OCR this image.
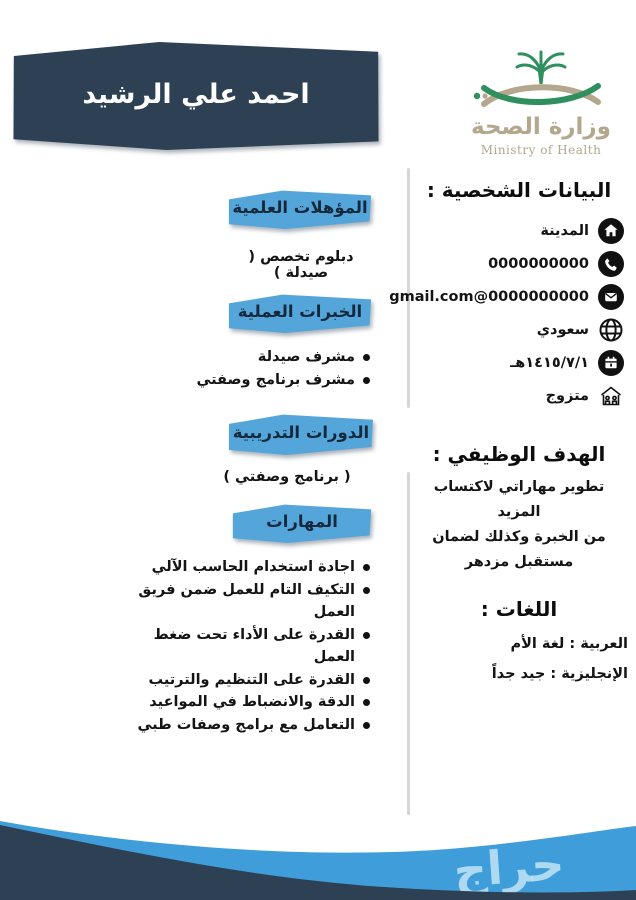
احمد علي الرشيد
وزارة الصحة
Ministry of Health
البيانات الشخصية :
المدينة
0000000000
0000000000@gmail.com
سعودي
١٤١٥/٧/١هـ
متزوج
الهدف الوظيفي :
تطوير مهاراتي لاكتساب المزيد
من الخبرة وكذلك لضمان
مستقبل مزدهر
اللغات :
العربية : لغة الأم
الإنجليزية : جيد جداً
المؤهلات العلمية
دبلوم تخصص ( صيدلة )
الخبرات العملية
مشرف صيدلة
مشرف برنامج وصفتي
الدورات التدريبية
( برنامج وصفتي )
المهارات
اجادة استخدام الحاسب الآلي
التكيف التام للعمل ضمن فريق العمل
القدرة على الأداء تحت ضغط العمل
القدرة على التنظيم والترتيب
الدقة والانضباط في المواعيد
التعامل مع برامج وصفات طبي
حراج
